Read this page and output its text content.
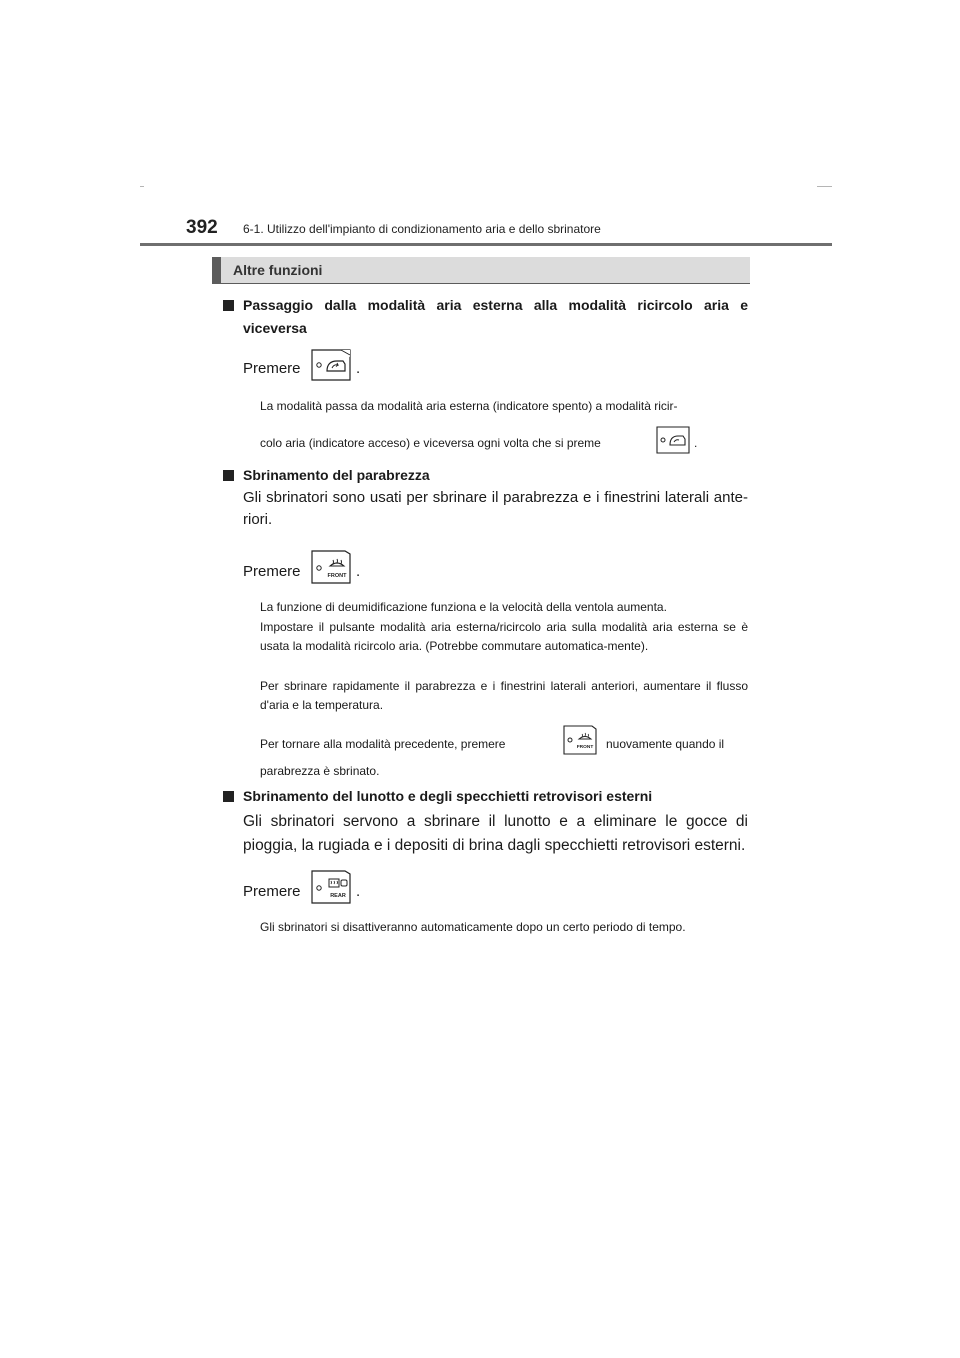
392 6-1. Utilizzo dell'impianto di condizionamento aria e dello sbrinatore
Altre funzioni
Passaggio dalla modalità aria esterna alla modalità ricircolo aria e viceversa
Premere	.
La modalità passa da modalità aria esterna (indicatore spento) a modalità ricir-
colo aria (indicatore acceso) e viceversa ogni volta che si preme	.
Sbrinamento del parabrezza
Gli sbrinatori sono usati per sbrinare il parabrezza e i finestrini laterali ante-riori.
Premere	FRONT .
La funzione di deumidificazione funziona e la velocità della ventola aumenta.
Impostare il pulsante modalità aria esterna/ricircolo aria sulla modalità aria esterna se è usata la modalità ricircolo aria. (Potrebbe commutare automatica-mente).
Per sbrinare rapidamente il parabrezza e i finestrini laterali anteriori, aumentare il flusso d'aria e la temperatura.
Per tornare alla modalità precedente, premere	FRONT nuovamente quando il
parabrezza è sbrinato.
Sbrinamento del lunotto e degli specchietti retrovisori esterni
Gli sbrinatori servono a sbrinare il lunotto e a eliminare le gocce di pioggia, la rugiada e i depositi di brina dagli specchietti retrovisori esterni.
Premere	REAR .
Gli sbrinatori si disattiveranno automaticamente dopo un certo periodo di tempo.
